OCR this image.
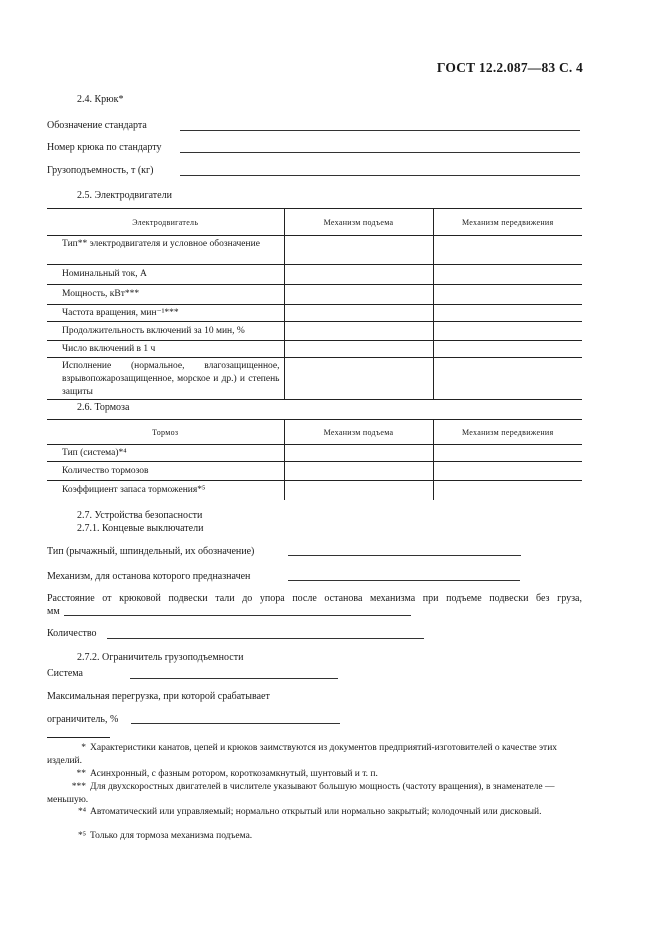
ГОСТ 12.2.087—83 С. 4
2.4. Крюк*
Обозначение стандарта
Номер крюка по стандарту
Грузоподъемность, т (кг)
2.5. Электродвигатели
Электродвигатель	Механизм подъема	Механизм передвижения

Тип** электродвигателя и условное обозначение		

Номинальный ток, А		
Мощность, кВт***		
Частота вращения, мин⁻¹***		
Продолжительность включений за 10 мин, %		
Число включений в 1 ч		

Исполнение (нормальное, влагозащищенное, взрывопожарозащищенное, морское и др.) и степень защиты		

2.6. Тормоза
Тормоз	Механизм подъема	Механизм передвижения
Тип (система)*⁴		
Количество тормозов		
Коэффициент запаса торможения*⁵		
2.7. Устройства безопасности
2.7.1. Концевые выключатели
Тип (рычажный, шпиндельный, их обозначение)
Механизм, для останова которого предназначен
Расстояние от крюковой подвески тали до упора после останова механизма при подъеме подвески без груза,
мм
Количество
2.7.2. Ограничитель грузоподъемности
Система
Максимальная перегрузка, при которой срабатывает
ограничитель, %
* Характеристики канатов, цепей и крюков заимствуются из документов предприятий-изготовителей о качестве этих изделий.
** Асинхронный, с фазным ротором, короткозамкнутый, шунтовый и т. п.
*** Для двухскоростных двигателей в числителе указывают большую мощность (частоту вращения), в знаменателе — меньшую.
*⁴ Автоматический или управляемый; нормально открытый или нормально закрытый; колодочный или дисковый.
*⁵ Только для тормоза механизма подъема.
